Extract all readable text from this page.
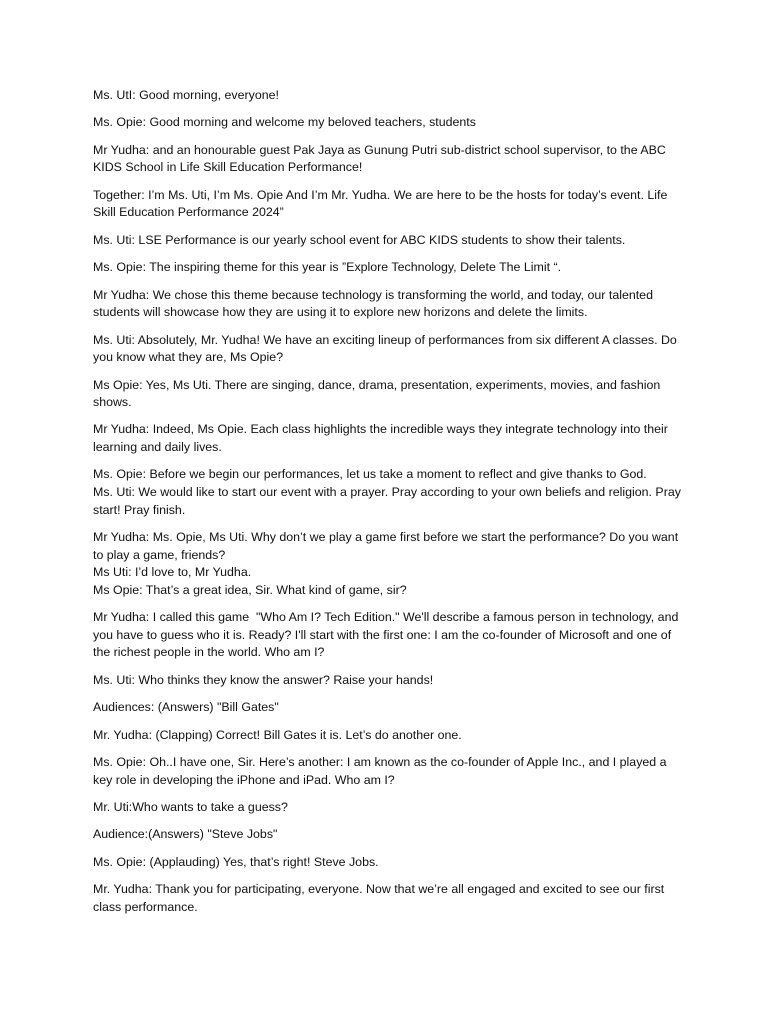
Ms. UtI: Good morning, everyone!
Ms. Opie: Good morning and welcome my beloved teachers, students
Mr Yudha: and an honourable guest Pak Jaya as Gunung Putri sub-district school supervisor, to the ABC KIDS School in Life Skill Education Performance!
Together: I’m Ms. Uti, I’m Ms. Opie And I’m Mr. Yudha. We are here to be the hosts for today’s event. Life Skill Education Performance 2024”
Ms. Uti: LSE Performance is our yearly school event for ABC KIDS students to show their talents.
Ms. Opie: The inspiring theme for this year is ”Explore Technology, Delete The Limit “.
Mr Yudha: We chose this theme because technology is transforming the world, and today, our talented students will showcase how they are using it to explore new horizons and delete the limits.
Ms. Uti: Absolutely, Mr. Yudha! We have an exciting lineup of performances from six different A classes. Do you know what they are, Ms Opie?
Ms Opie: Yes, Ms Uti. There are singing, dance, drama, presentation, experiments, movies, and fashion shows.
Mr Yudha: Indeed, Ms Opie. Each class highlights the incredible ways they integrate technology into their learning and daily lives.
Ms. Opie: Before we begin our performances, let us take a moment to reflect and give thanks to God.
Ms. Uti: We would like to start our event with a prayer. Pray according to your own beliefs and religion. Pray start! Pray finish.
Mr Yudha: Ms. Opie, Ms Uti. Why don’t we play a game first before we start the performance? Do you want to play a game, friends?
Ms Uti: I’d love to, Mr Yudha.
Ms Opie: That’s a great idea, Sir. What kind of game, sir?
Mr Yudha: I called this game  "Who Am I? Tech Edition." We'll describe a famous person in technology, and you have to guess who it is. Ready? I'll start with the first one: I am the co-founder of Microsoft and one of the richest people in the world. Who am I?
Ms. Uti: Who thinks they know the answer? Raise your hands!
Audiences: (Answers) "Bill Gates"
Mr. Yudha: (Clapping) Correct! Bill Gates it is. Let’s do another one.
Ms. Opie: Oh..I have one, Sir. Here’s another: I am known as the co-founder of Apple Inc., and I played a key role in developing the iPhone and iPad. Who am I?
Mr. Uti:Who wants to take a guess?
Audience:(Answers) "Steve Jobs"
Ms. Opie: (Applauding) Yes, that’s right! Steve Jobs.
Mr. Yudha: Thank you for participating, everyone. Now that we’re all engaged and excited to see our first class performance.
